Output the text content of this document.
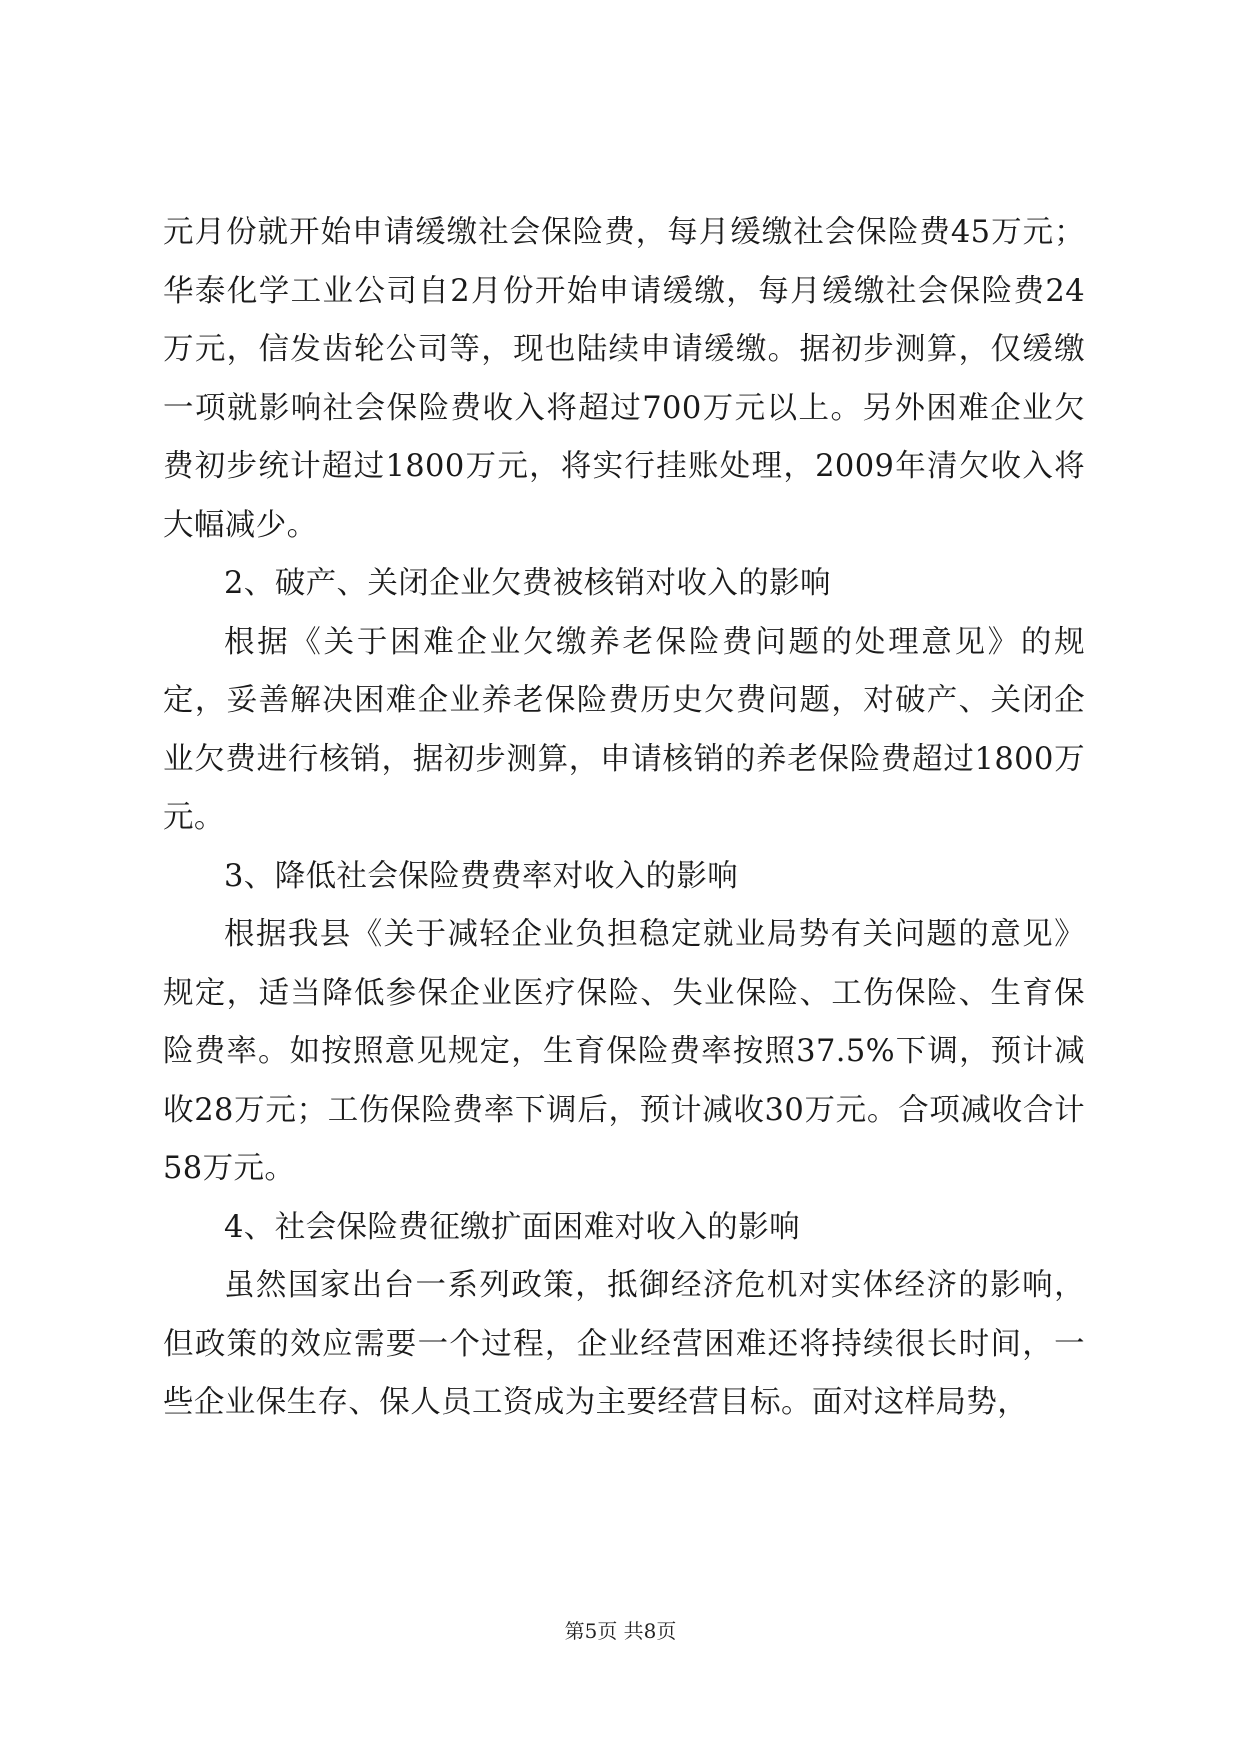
元月份就开始申请缓缴社会保险费，每月缓缴社会保险费45万元；华泰化学工业公司自2月份开始申请缓缴，每月缓缴社会保险费24万元，信发齿轮公司等，现也陆续申请缓缴。据初步测算，仅缓缴一项就影响社会保险费收入将超过700万元以上。另外困难企业欠费初步统计超过1800万元，将实行挂账处理，2009年清欠收入将大幅减少。

2、破产、关闭企业欠费被核销对收入的影响

根据《关于困难企业欠缴养老保险费问题的处理意见》的规定，妥善解决困难企业养老保险费历史欠费问题，对破产、关闭企业欠费进行核销，据初步测算，申请核销的养老保险费超过1800万元。

3、降低社会保险费费率对收入的影响

根据我县《关于减轻企业负担稳定就业局势有关问题的意见》规定，适当降低参保企业医疗保险、失业保险、工伤保险、生育保险费率。如按照意见规定，生育保险费率按照37.5%下调，预计减收28万元；工伤保险费率下调后，预计减收30万元。合项减收合计58万元。

4、社会保险费征缴扩面困难对收入的影响

虽然国家出台一系列政策，抵御经济危机对实体经济的影响，但政策的效应需要一个过程，企业经营困难还将持续很长时间，一些企业保生存、保人员工资成为主要经营目标。面对这样局势，

第5页 共8页
